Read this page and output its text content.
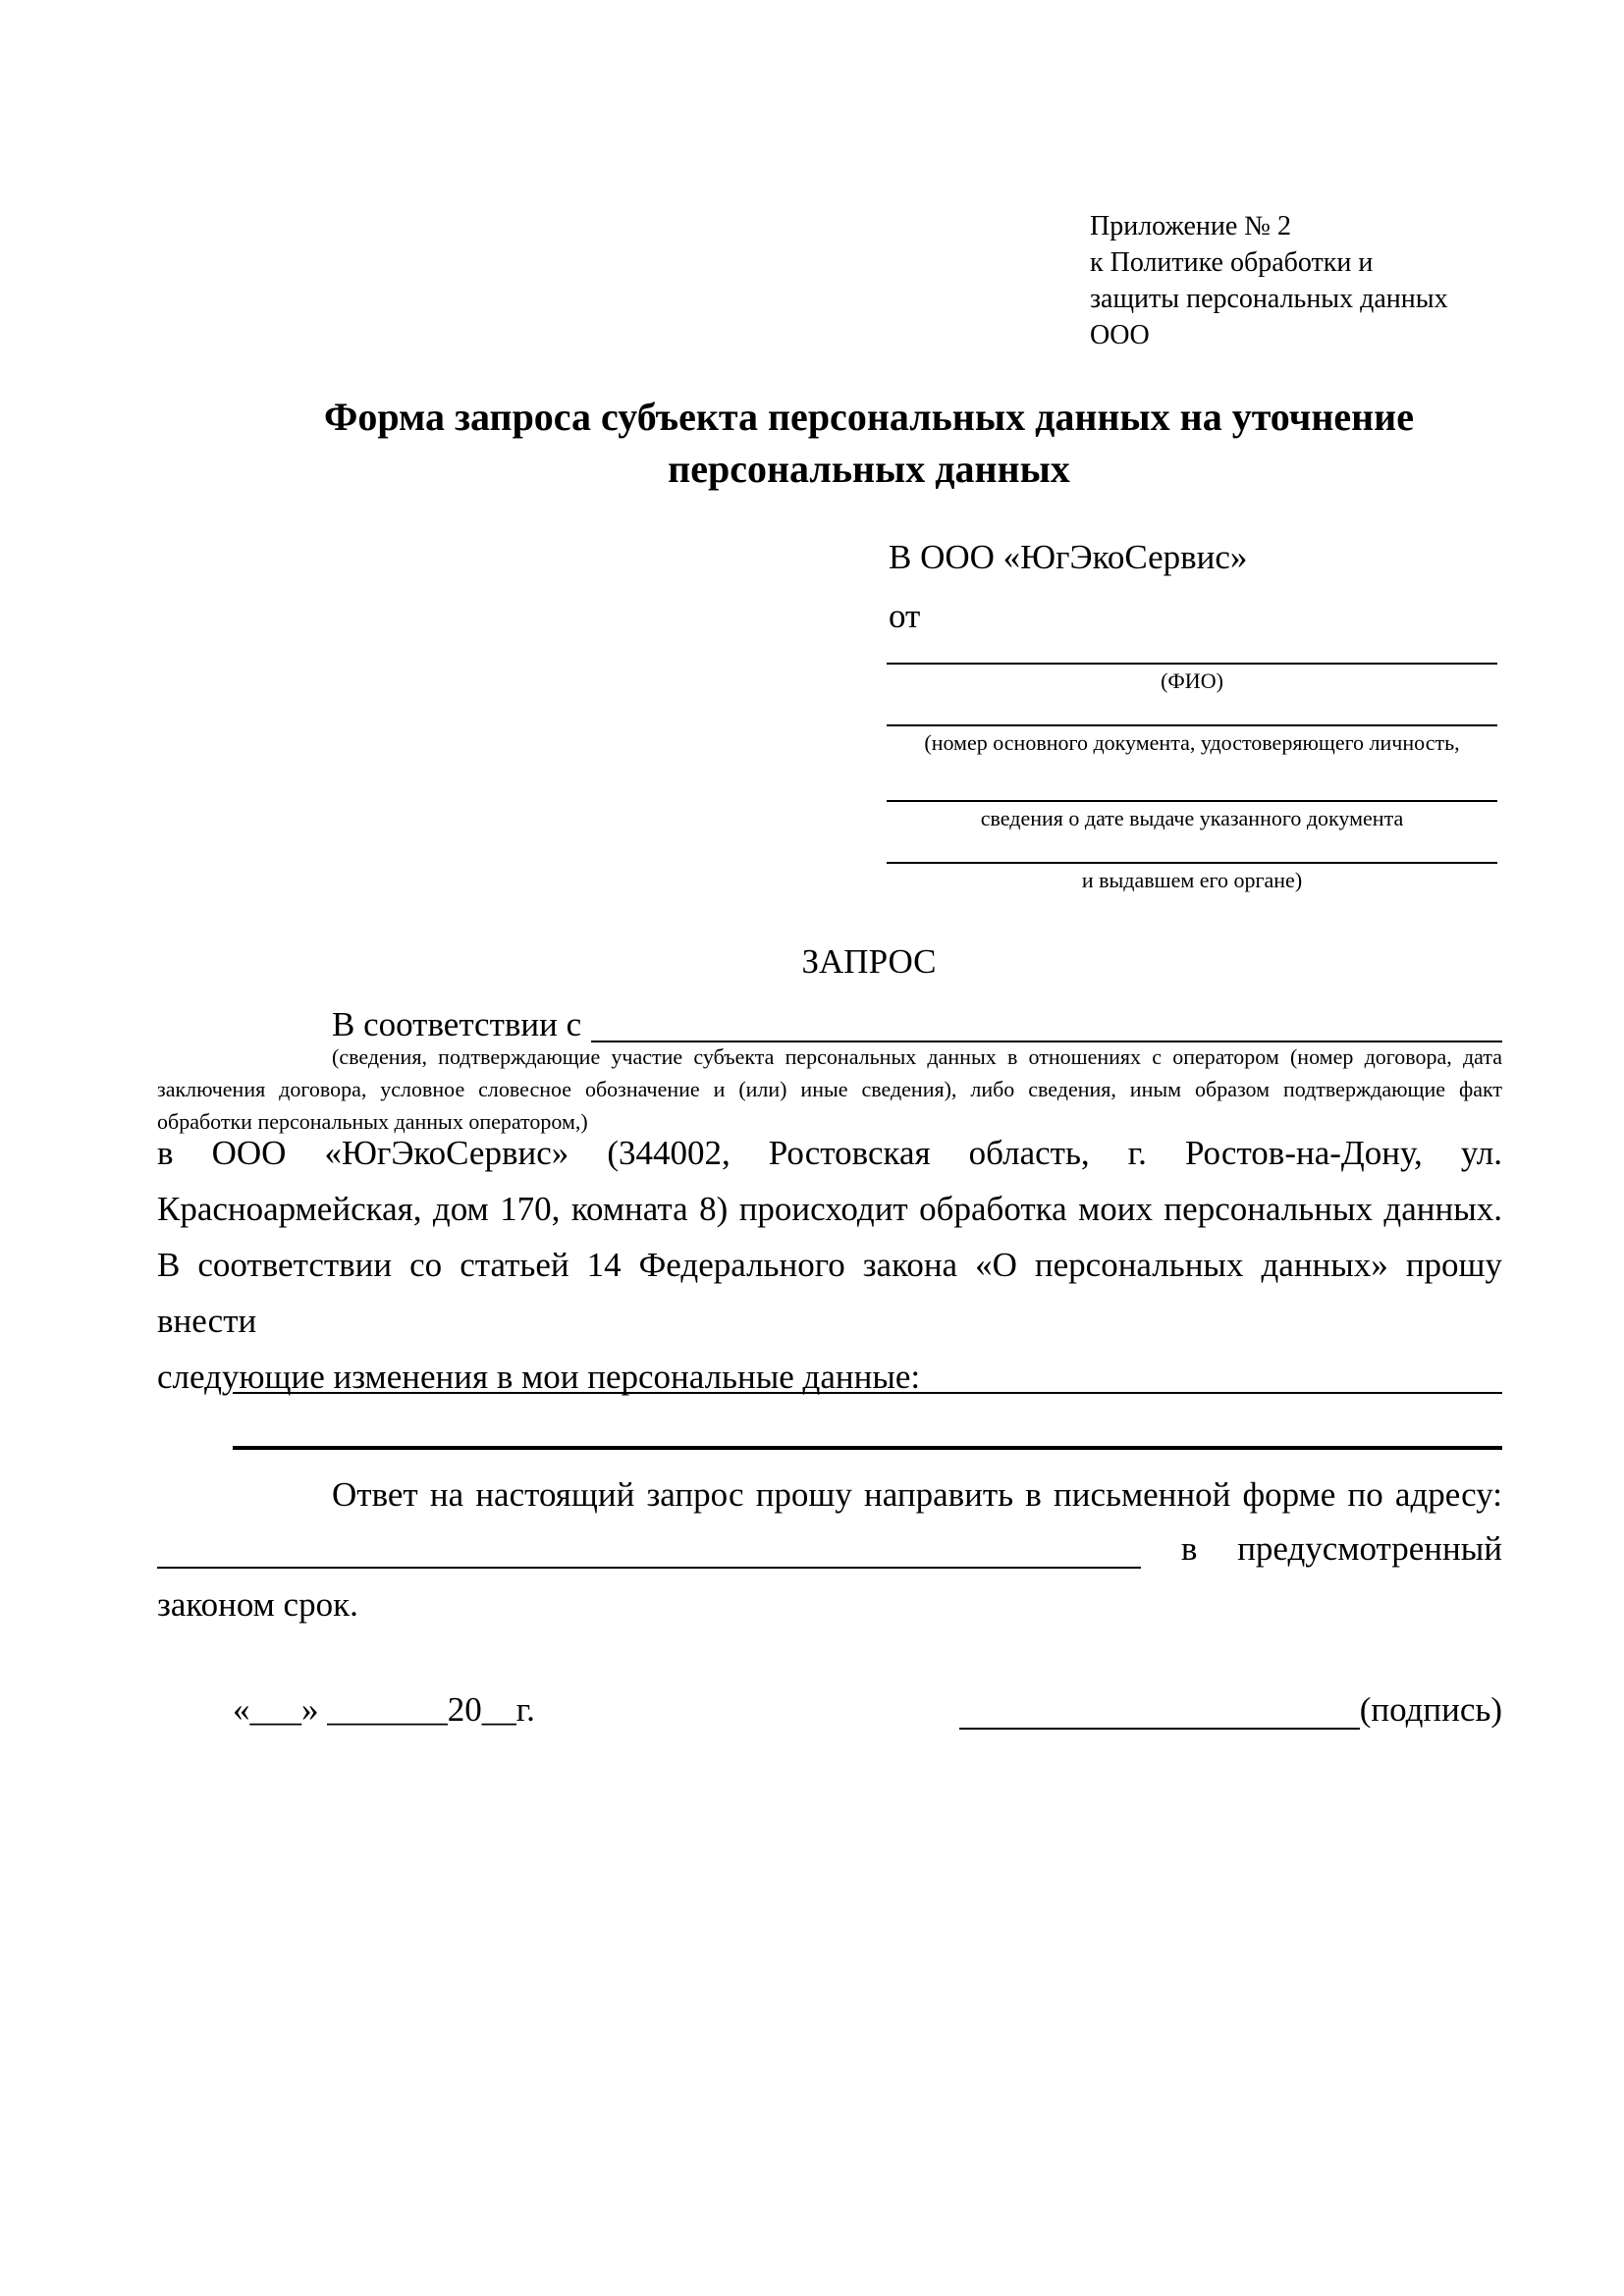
Приложение № 2
к Политике обработки и
защиты персональных данных
ООО
Форма запроса субъекта персональных данных на уточнение
персональных данных
В ООО «ЮгЭкоСервис»
от
(ФИО)
(номер основного документа, удостоверяющего личность,
сведения о дате выдаче указанного документа
и выдавшем его органе)
ЗАПРОС
В соответствии с
(сведения, подтверждающие участие субъекта персональных данных в отношениях с оператором (номер договора, дата
заключения договора, условное словесное обозначение и (или) иные сведения), либо сведения, иным образом подтверждающие факт
обработки персональных данных оператором,)
в ООО «ЮгЭкоСервис» (344002, Ростовская область, г. Ростов-на-Дону, ул.
Красноармейская, дом 170, комната 8) происходит обработка моих персональных данных.
В соответствии со статьей 14 Федерального закона «О персональных данных» прошу внести
следующие изменения в мои персональные данные:
Ответ на настоящий запрос прошу направить в письменной форме по адресу:
в предусмотренный
законом срок.
«___» _______20__г.	(подпись)
